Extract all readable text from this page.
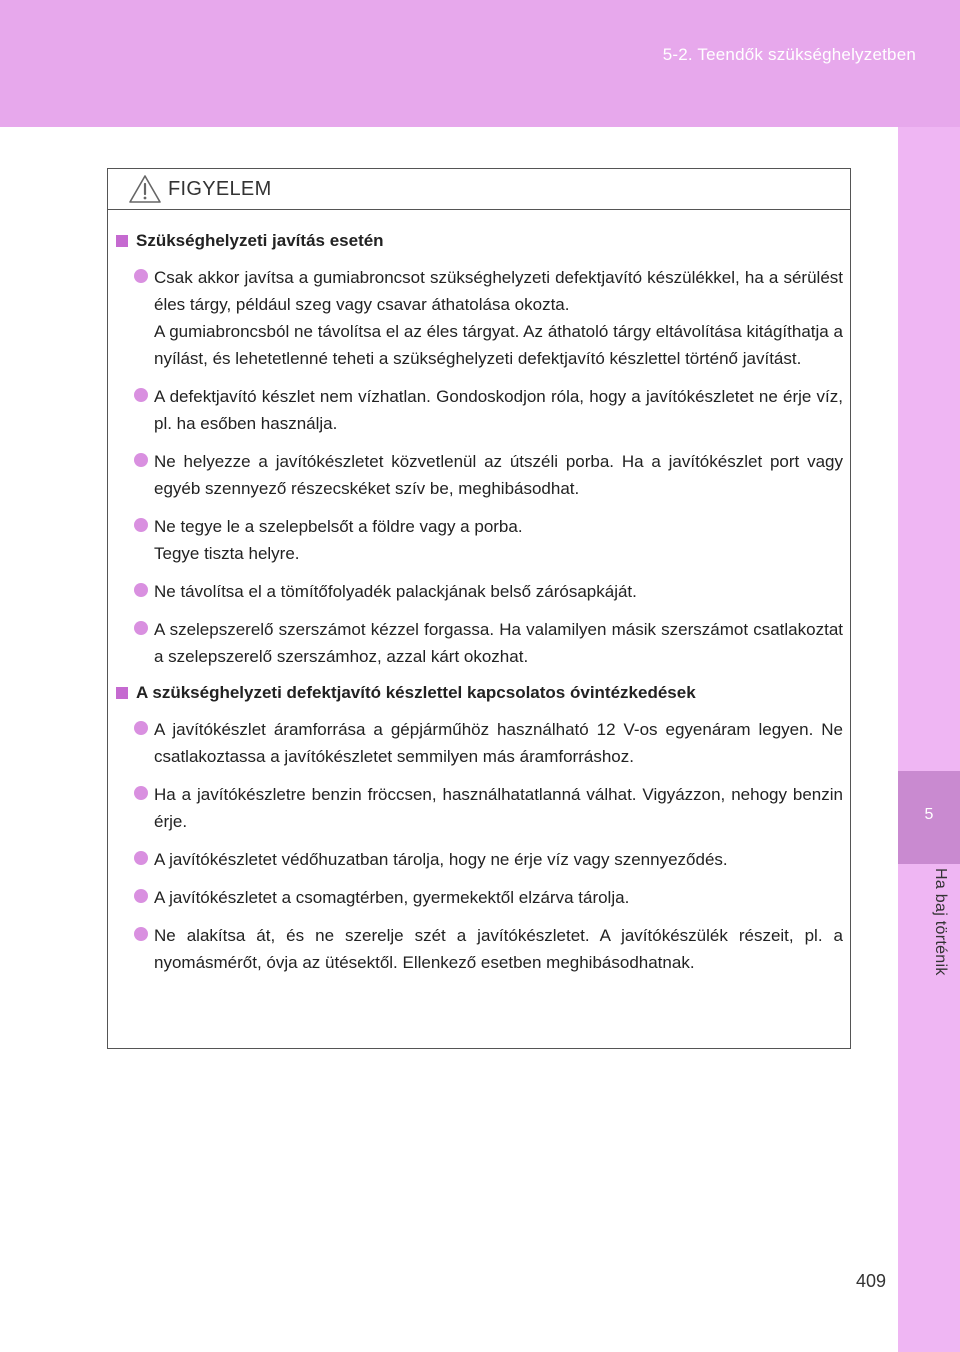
5-2. Teendők szükséghelyzetben
5
Ha baj történik
FIGYELEM
Szükséghelyzeti javítás esetén
Csak akkor javítsa a gumiabroncsot szükséghelyzeti defektjavító készülékkel, ha a sérülést éles tárgy, például szeg vagy csavar áthatolása okozta.
A gumiabroncsból ne távolítsa el az éles tárgyat. Az áthatoló tárgy eltávolítása kitágíthatja a nyílást, és lehetetlenné teheti a szükséghelyzeti defektjavító készlettel történő javítást.
A defektjavító készlet nem vízhatlan. Gondoskodjon róla, hogy a javítókészletet ne érje víz, pl. ha esőben használja.
Ne helyezze a javítókészletet közvetlenül az útszéli porba. Ha a javítókészlet port vagy egyéb szennyező részecskéket szív be, meghibásodhat.
Ne tegye le a szelepbelsőt a földre vagy a porba.
Tegye tiszta helyre.
Ne távolítsa el a tömítőfolyadék palackjának belső zárósapkáját.
A szelepszerelő szerszámot kézzel forgassa. Ha valamilyen másik szerszámot csatlakoztat a szelepszerelő szerszámhoz, azzal kárt okozhat.
A szükséghelyzeti defektjavító készlettel kapcsolatos óvintézkedések
A javítókészlet áramforrása a gépjárműhöz használható 12 V-os egyenáram legyen. Ne csatlakoztassa a javítókészletet semmilyen más áramforráshoz.
Ha a javítókészletre benzin fröccsen, használhatatlanná válhat. Vigyázzon, nehogy benzin érje.
A javítókészletet védőhuzatban tárolja, hogy ne érje víz vagy szennyeződés.
A javítókészletet a csomagtérben, gyermekektől elzárva tárolja.
Ne alakítsa át, és ne szerelje szét a javítókészletet. A javítókészülék részeit, pl. a nyomásmérőt, óvja az ütésektől. Ellenkező esetben meghibásodhatnak.
409
